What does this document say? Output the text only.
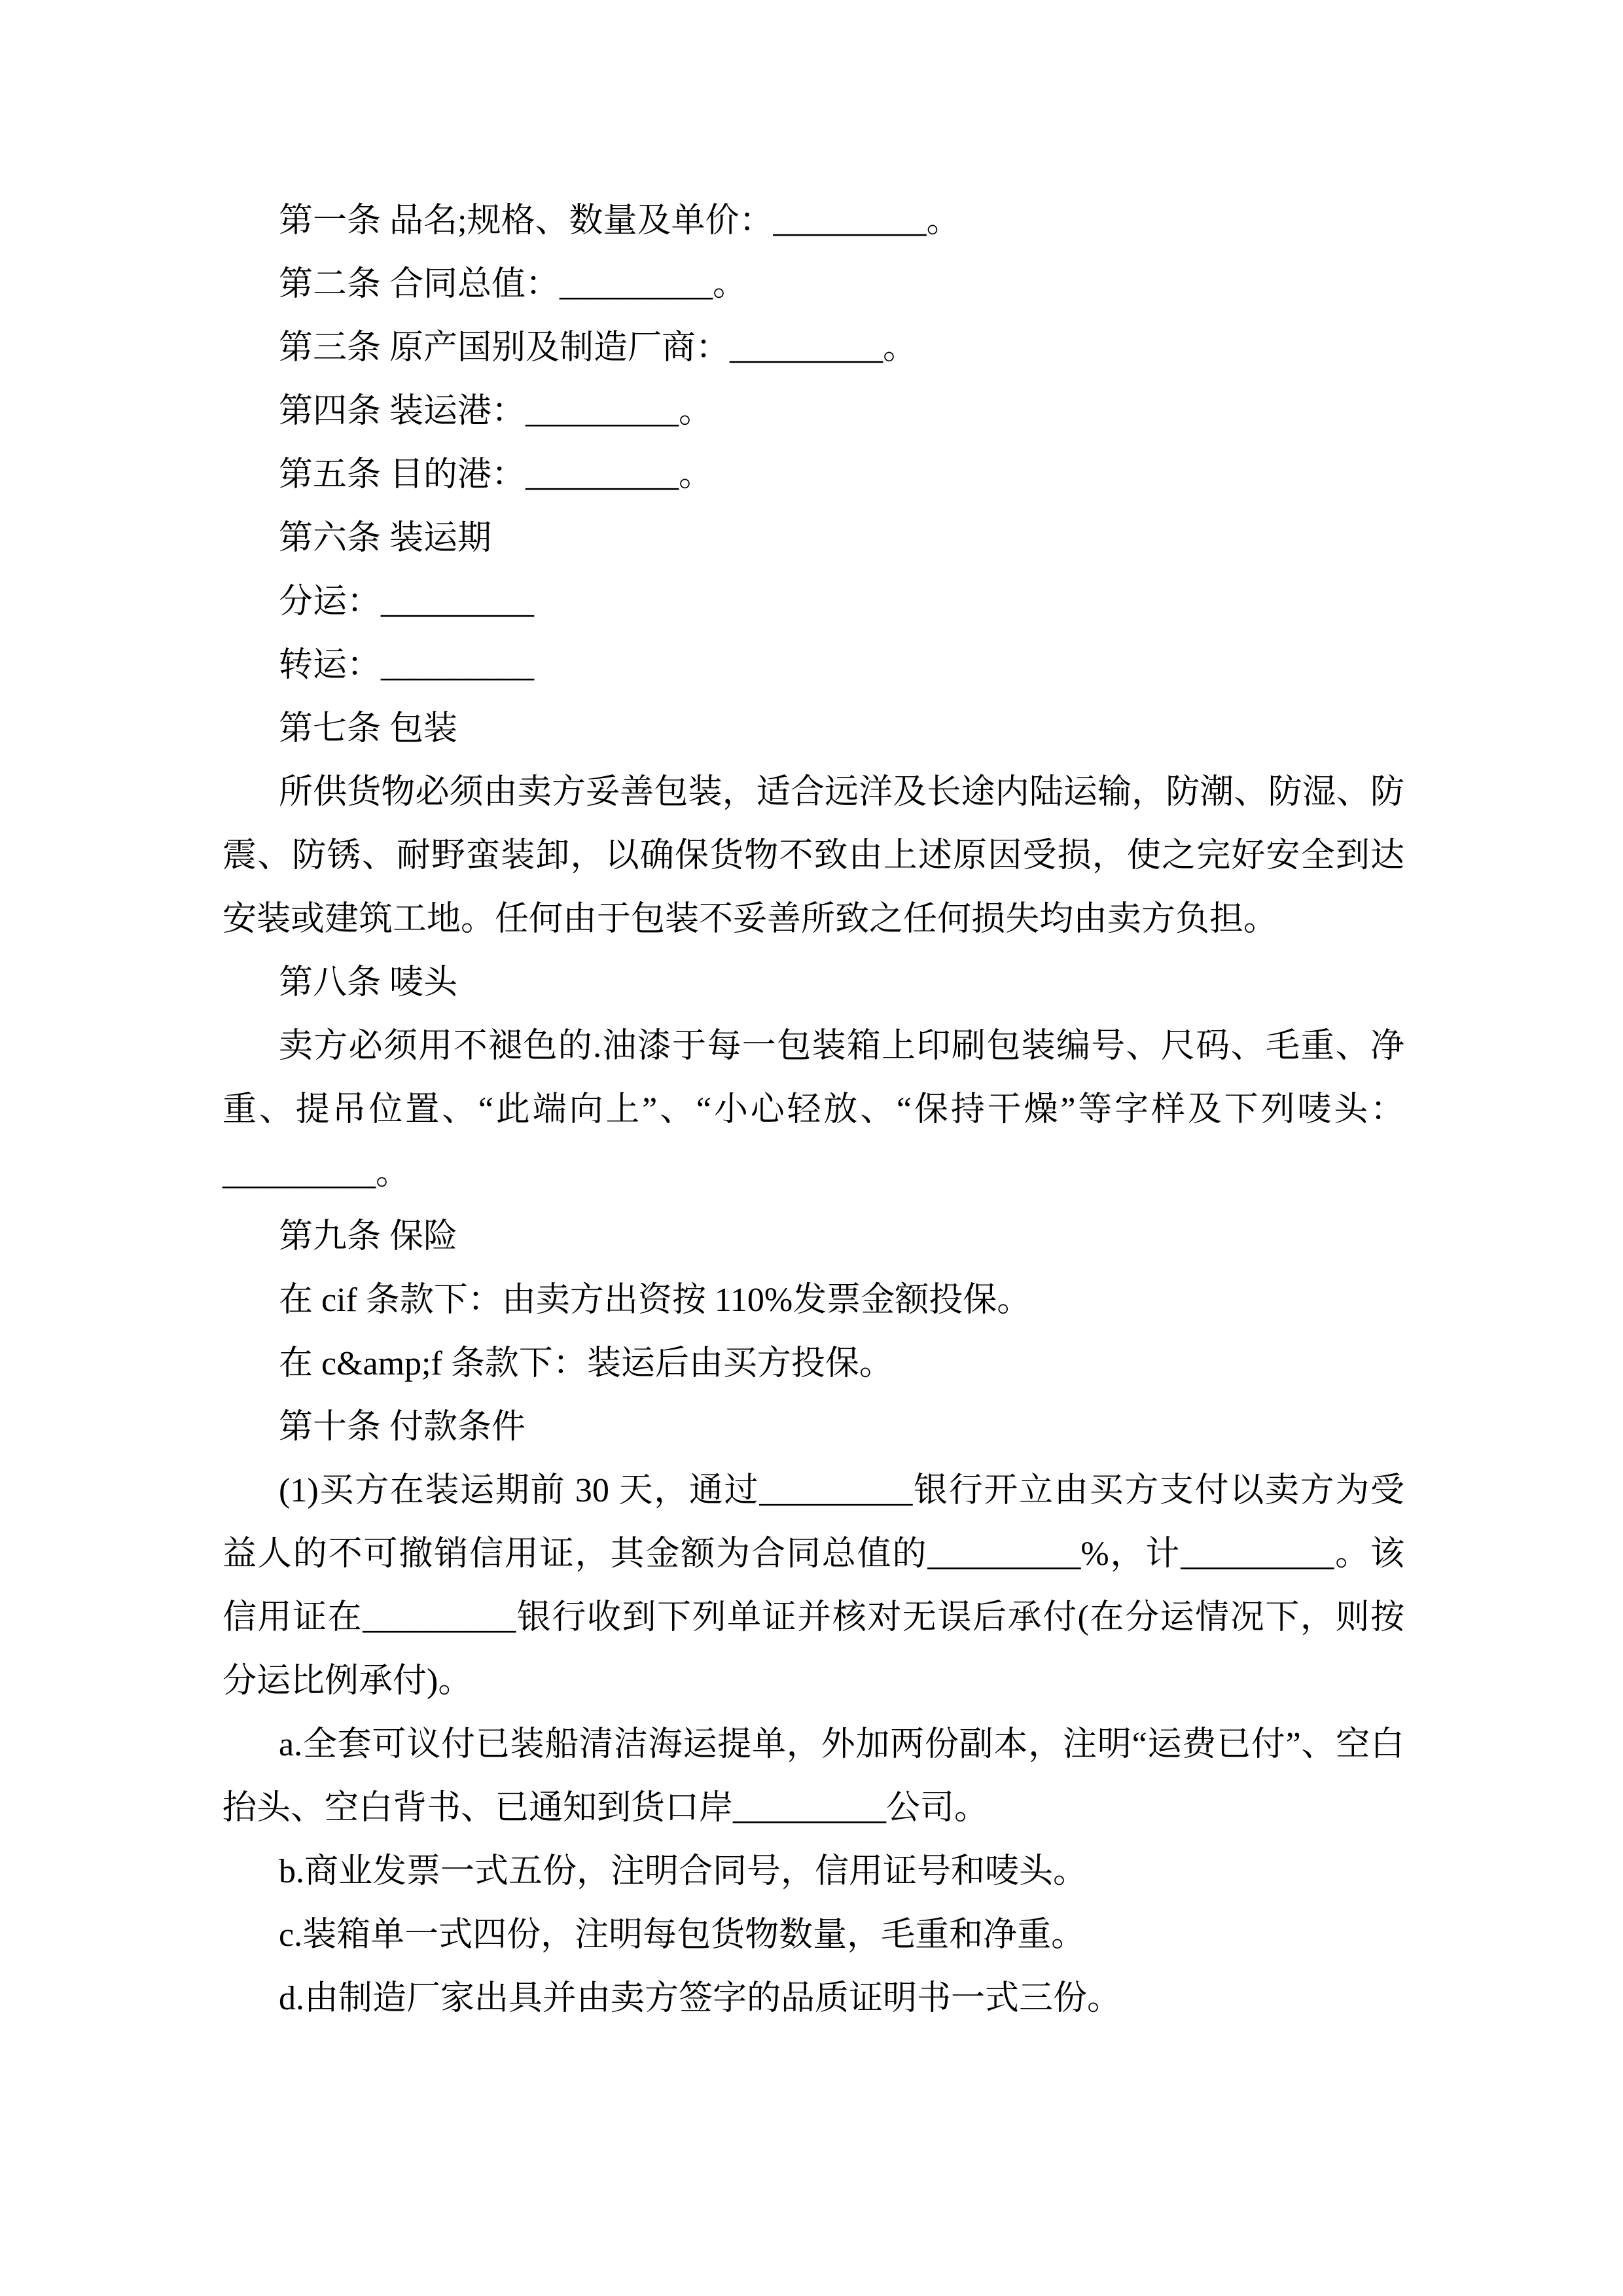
第一条 品名;规格、数量及单价：_________。

第二条 合同总值：_________。

第三条 原产国别及制造厂商：_________。

第四条 装运港：_________。

第五条 目的港：_________。

第六条 装运期

分运：_________

转运：_________

第七条 包装

所供货物必须由卖方妥善包装，适合远洋及长途内陆运输，防潮、防湿、防震、防锈、耐野蛮装卸，以确保货物不致由上述原因受损，使之完好安全到达安装或建筑工地。任何由于包装不妥善所致之任何损失均由卖方负担。

第八条 唛头

卖方必须用不褪色的.油漆于每一包装箱上印刷包装编号、尺码、毛重、净重、提吊位置、“此端向上”、“小心轻放、“保持干燥”等字样及下列唛头：_________。

第九条 保险

在 cif 条款下：由卖方出资按 110%发票金额投保。

在 c&amp;f 条款下：装运后由买方投保。

第十条 付款条件

(1)买方在装运期前 30 天，通过_________银行开立由买方支付以卖方为受益人的不可撤销信用证，其金额为合同总值的_________%，计_________。该信用证在_________银行收到下列单证并核对无误后承付(在分运情况下，则按分运比例承付)。

a.全套可议付已装船清洁海运提单，外加两份副本，注明“运费已付”、空白抬头、空白背书、已通知到货口岸_________公司。

b.商业发票一式五份，注明合同号，信用证号和唛头。

c.装箱单一式四份，注明每包货物数量，毛重和净重。

d.由制造厂家出具并由卖方签字的品质证明书一式三份。
